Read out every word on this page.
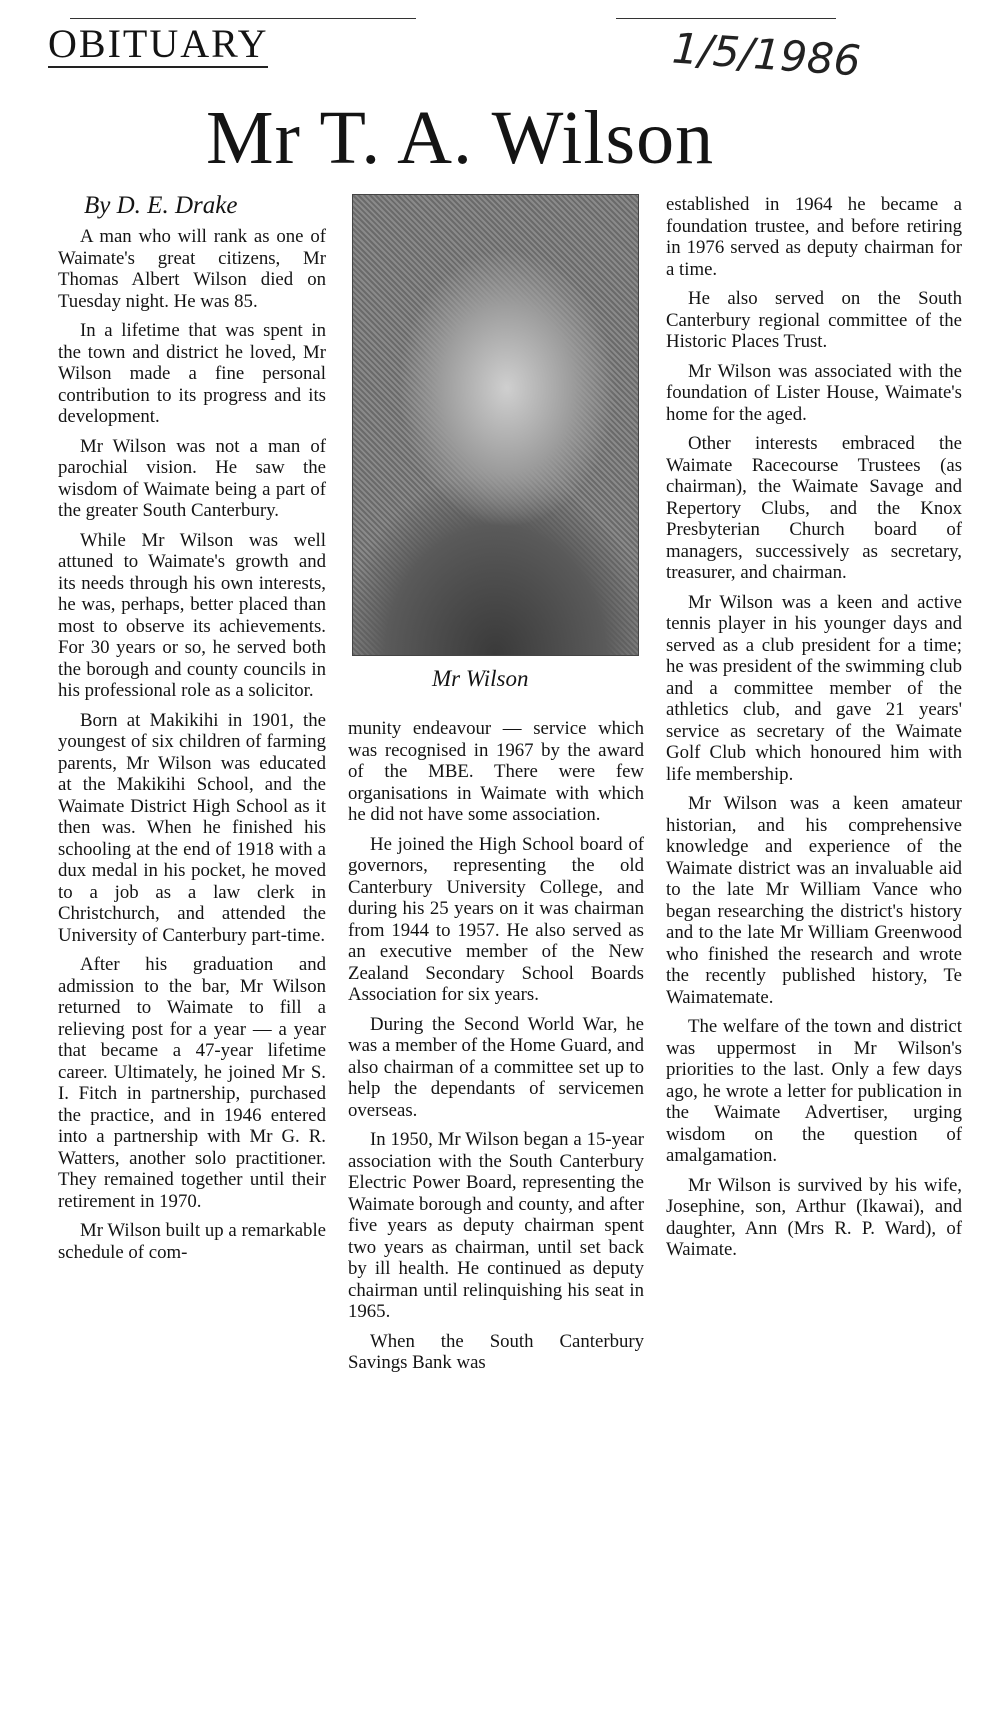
OBITUARY	1/5/1986
Mr T. A. Wilson
By D. E. Drake

A man who will rank as one of Waimate's great citizens, Mr Thomas Albert Wilson died on Tuesday night. He was 85.

In a lifetime that was spent in the town and district he loved, Mr Wilson made a fine personal contribution to its progress and its development.

Mr Wilson was not a man of parochial vision. He saw the wisdom of Waimate being a part of the greater South Canterbury.

While Mr Wilson was well attuned to Waimate's growth and its needs through his own interests, he was, perhaps, better placed than most to observe its achievements. For 30 years or so, he served both the borough and county councils in his professional role as a solicitor.

Born at Makikihi in 1901, the youngest of six children of farming parents, Mr Wilson was educated at the Makikihi School, and the Waimate District High School as it then was. When he finished his schooling at the end of 1918 with a dux medal in his pocket, he moved to a job as a law clerk in Christchurch, and attended the University of Canterbury part-time.

After his graduation and admission to the bar, Mr Wilson returned to Waimate to fill a relieving post for a year — a year that became a 47-year lifetime career. Ultimately, he joined Mr S. I. Fitch in partnership, purchased the practice, and in 1946 entered into a partnership with Mr G. R. Watters, another solo practitioner. They remained together until their retirement in 1970.

Mr Wilson built up a remarkable schedule of com-

Mr Wilson

munity endeavour — service which was recognised in 1967 by the award of the MBE. There were few organisations in Waimate with which he did not have some association.

He joined the High School board of governors, representing the old Canterbury University College, and during his 25 years on it was chairman from 1944 to 1957. He also served as an executive member of the New Zealand Secondary School Boards Association for six years.

During the Second World War, he was a member of the Home Guard, and also chairman of a committee set up to help the dependants of servicemen overseas.

In 1950, Mr Wilson began a 15-year association with the South Canterbury Electric Power Board, representing the Waimate borough and county, and after five years as deputy chairman spent two years as chairman, until set back by ill health. He continued as deputy chairman until relinquishing his seat in 1965.

When the South Canterbury Savings Bank was

established in 1964 he became a foundation trustee, and before retiring in 1976 served as deputy chairman for a time.

He also served on the South Canterbury regional committee of the Historic Places Trust.

Mr Wilson was associated with the foundation of Lister House, Waimate's home for the aged.

Other interests embraced the Waimate Racecourse Trustees (as chairman), the Waimate Savage and Repertory Clubs, and the Knox Presbyterian Church board of managers, successively as secretary, treasurer, and chairman.

Mr Wilson was a keen and active tennis player in his younger days and served as a club president for a time; he was president of the swimming club and a committee member of the athletics club, and gave 21 years' service as secretary of the Waimate Golf Club which honoured him with life membership.

Mr Wilson was a keen amateur historian, and his comprehensive knowledge and experience of the Waimate district was an invaluable aid to the late Mr William Vance who began researching the district's history and to the late Mr William Greenwood who finished the research and wrote the recently published history, Te Waimatemate.

The welfare of the town and district was uppermost in Mr Wilson's priorities to the last. Only a few days ago, he wrote a letter for publication in the Waimate Advertiser, urging wisdom on the question of amalgamation.

Mr Wilson is survived by his wife, Josephine, son, Arthur (Ikawai), and daughter, Ann (Mrs R. P. Ward), of Waimate.
